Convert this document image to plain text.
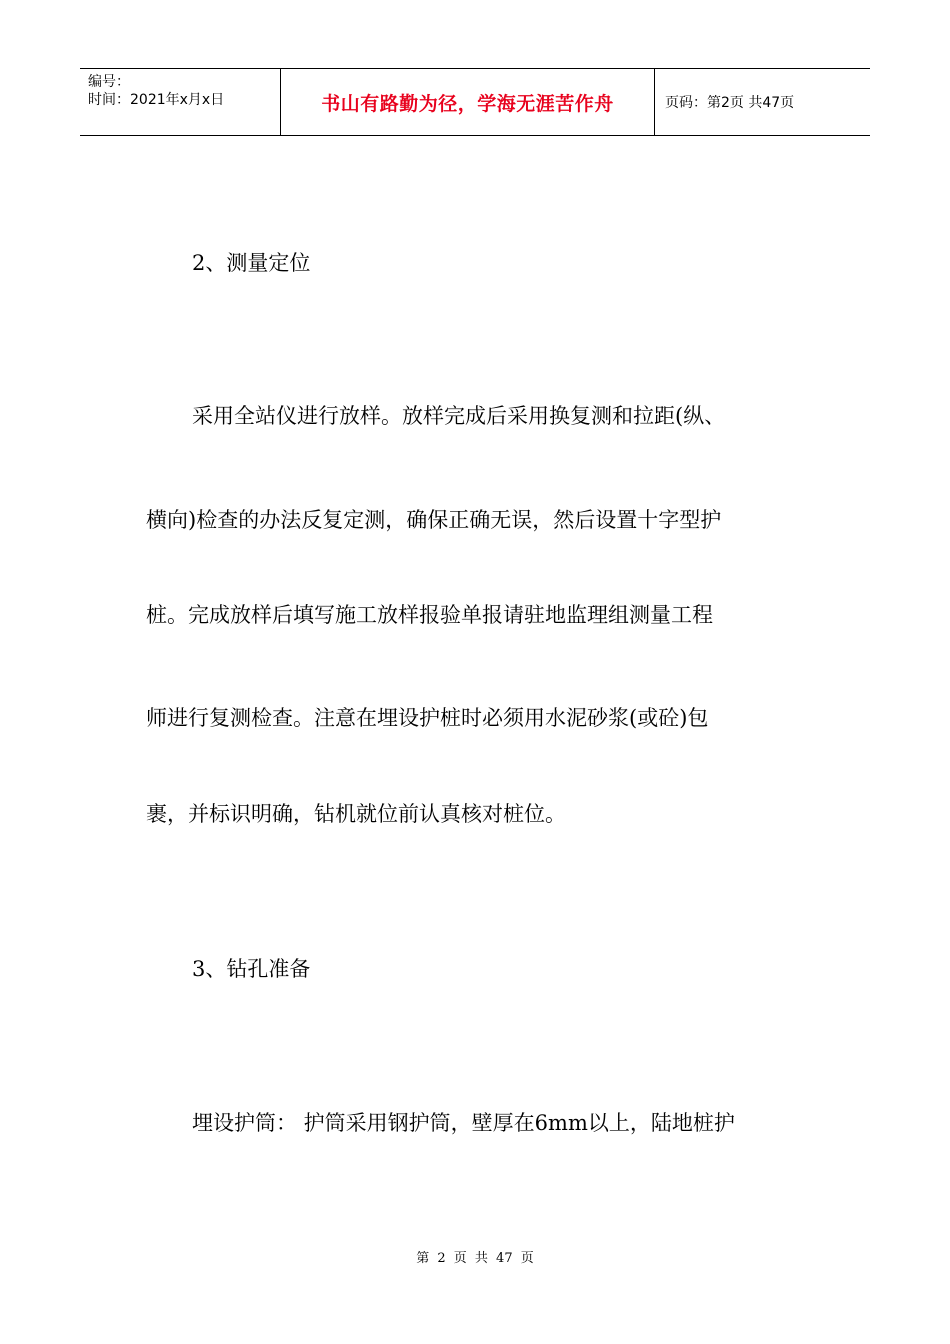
编号：
时间：2021年x月x日	书山有路勤为径，学海无涯苦作舟	页码：第2页 共47页
2、测量定位
采用全站仪进行放样。放样完成后采用换复测和拉距(纵、
横向)检查的办法反复定测，确保正确无误，然后设置十字型护
桩。完成放样后填写施工放样报验单报请驻地监理组测量工程
师进行复测检查。注意在埋设护桩时必须用水泥砂浆(或砼)包
裹，并标识明确，钻机就位前认真核对桩位。
3、钻孔准备
埋设护筒： 护筒采用钢护筒，壁厚在6mm以上，陆地桩护
第 2 页 共 47 页
